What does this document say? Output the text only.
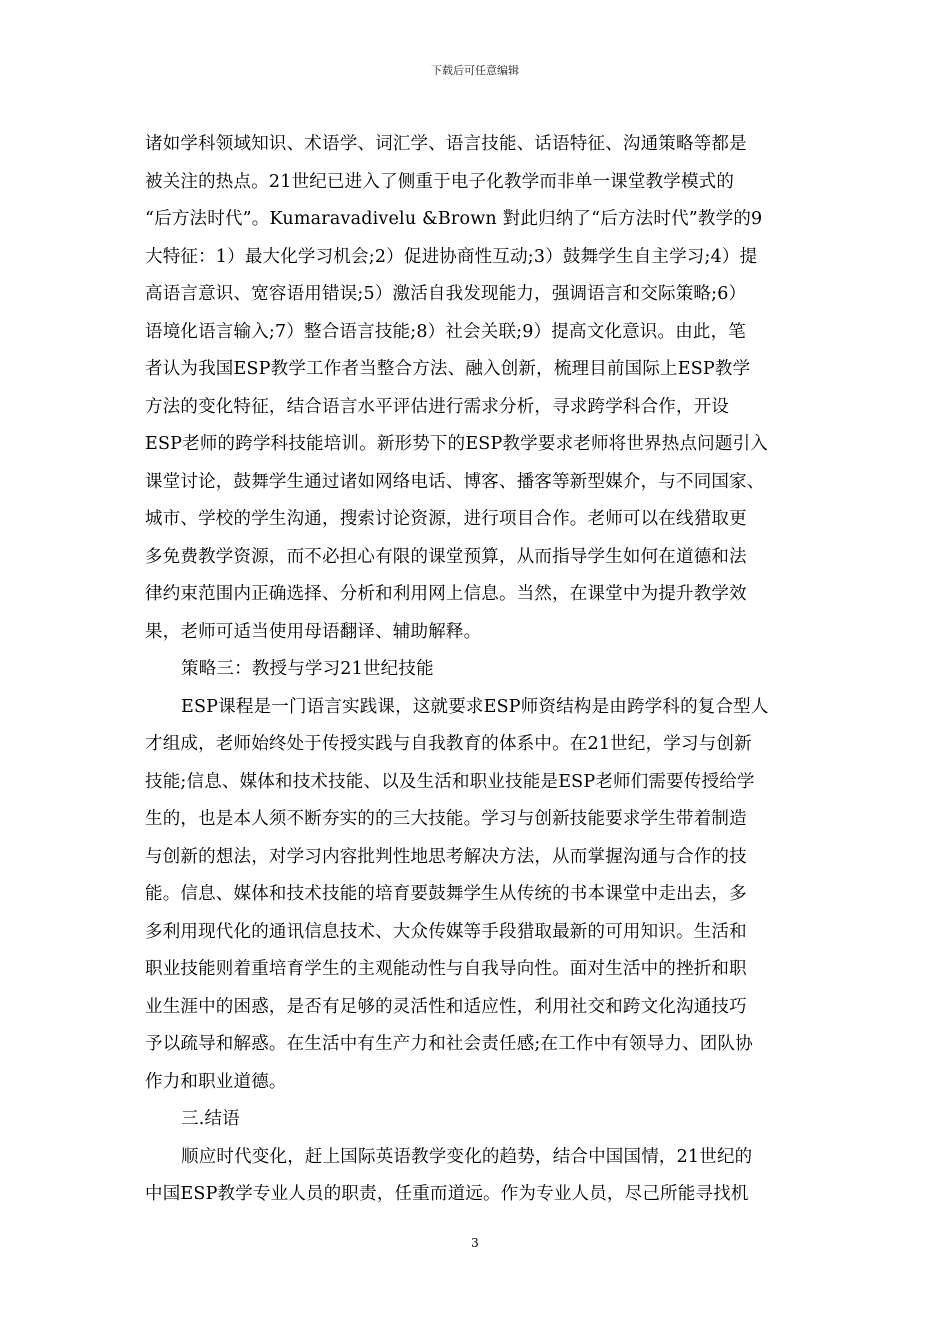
下载后可任意编辑
诸如学科领域知识、术语学、词汇学、语言技能、话语特征、沟通策略等都是
被关注的热点。21世纪已进入了侧重于电子化教学而非单一课堂教学模式的
“后方法时代”。Kumaravadivelu &Brown 對此归纳了“后方法时代”教学的9
大特征：1）最大化学习机会;2）促进协商性互动;3）鼓舞学生自主学习;4）提
高语言意识、宽容语用错误;5）激活自我发现能力，强调语言和交际策略;6）
语境化语言输入;7）整合语言技能;8）社会关联;9）提高文化意识。由此，笔
者认为我国ESP教学工作者当整合方法、融入创新，梳理目前国际上ESP教学
方法的变化特征，结合语言水平评估进行需求分析，寻求跨学科合作，开设
ESP老师的跨学科技能培训。新形势下的ESP教学要求老师将世界热点问题引入
课堂讨论，鼓舞学生通过诸如网络电话、博客、播客等新型媒介，与不同国家、
城市、学校的学生沟通，搜索讨论资源，进行项目合作。老师可以在线猎取更
多免费教学资源，而不必担心有限的课堂预算，从而指导学生如何在道德和法
律约束范围内正确选择、分析和利用网上信息。当然，在课堂中为提升教学效
果，老师可适当使用母语翻译、辅助解释。
策略三：教授与学习21世纪技能
ESP课程是一门语言实践课，这就要求ESP师资结构是由跨学科的复合型人
才组成，老师始终处于传授实践与自我教育的体系中。在21世纪，学习与创新
技能;信息、媒体和技术技能、以及生活和职业技能是ESP老师们需要传授给学
生的，也是本人须不断夯实的的三大技能。学习与创新技能要求学生带着制造
与创新的想法，对学习内容批判性地思考解决方法，从而掌握沟通与合作的技
能。信息、媒体和技术技能的培育要鼓舞学生从传统的书本课堂中走出去，多
多利用现代化的通讯信息技术、大众传媒等手段猎取最新的可用知识。生活和
职业技能则着重培育学生的主观能动性与自我导向性。面对生活中的挫折和职
业生涯中的困惑，是否有足够的灵活性和适应性，利用社交和跨文化沟通技巧
予以疏导和解惑。在生活中有生产力和社会责任感;在工作中有领导力、团队协
作力和职业道德。
三.结语
顺应时代变化，赶上国际英语教学变化的趋势，结合中国国情，21世纪的
中国ESP教学专业人员的职责，任重而道远。作为专业人员，尽己所能寻找机
3
